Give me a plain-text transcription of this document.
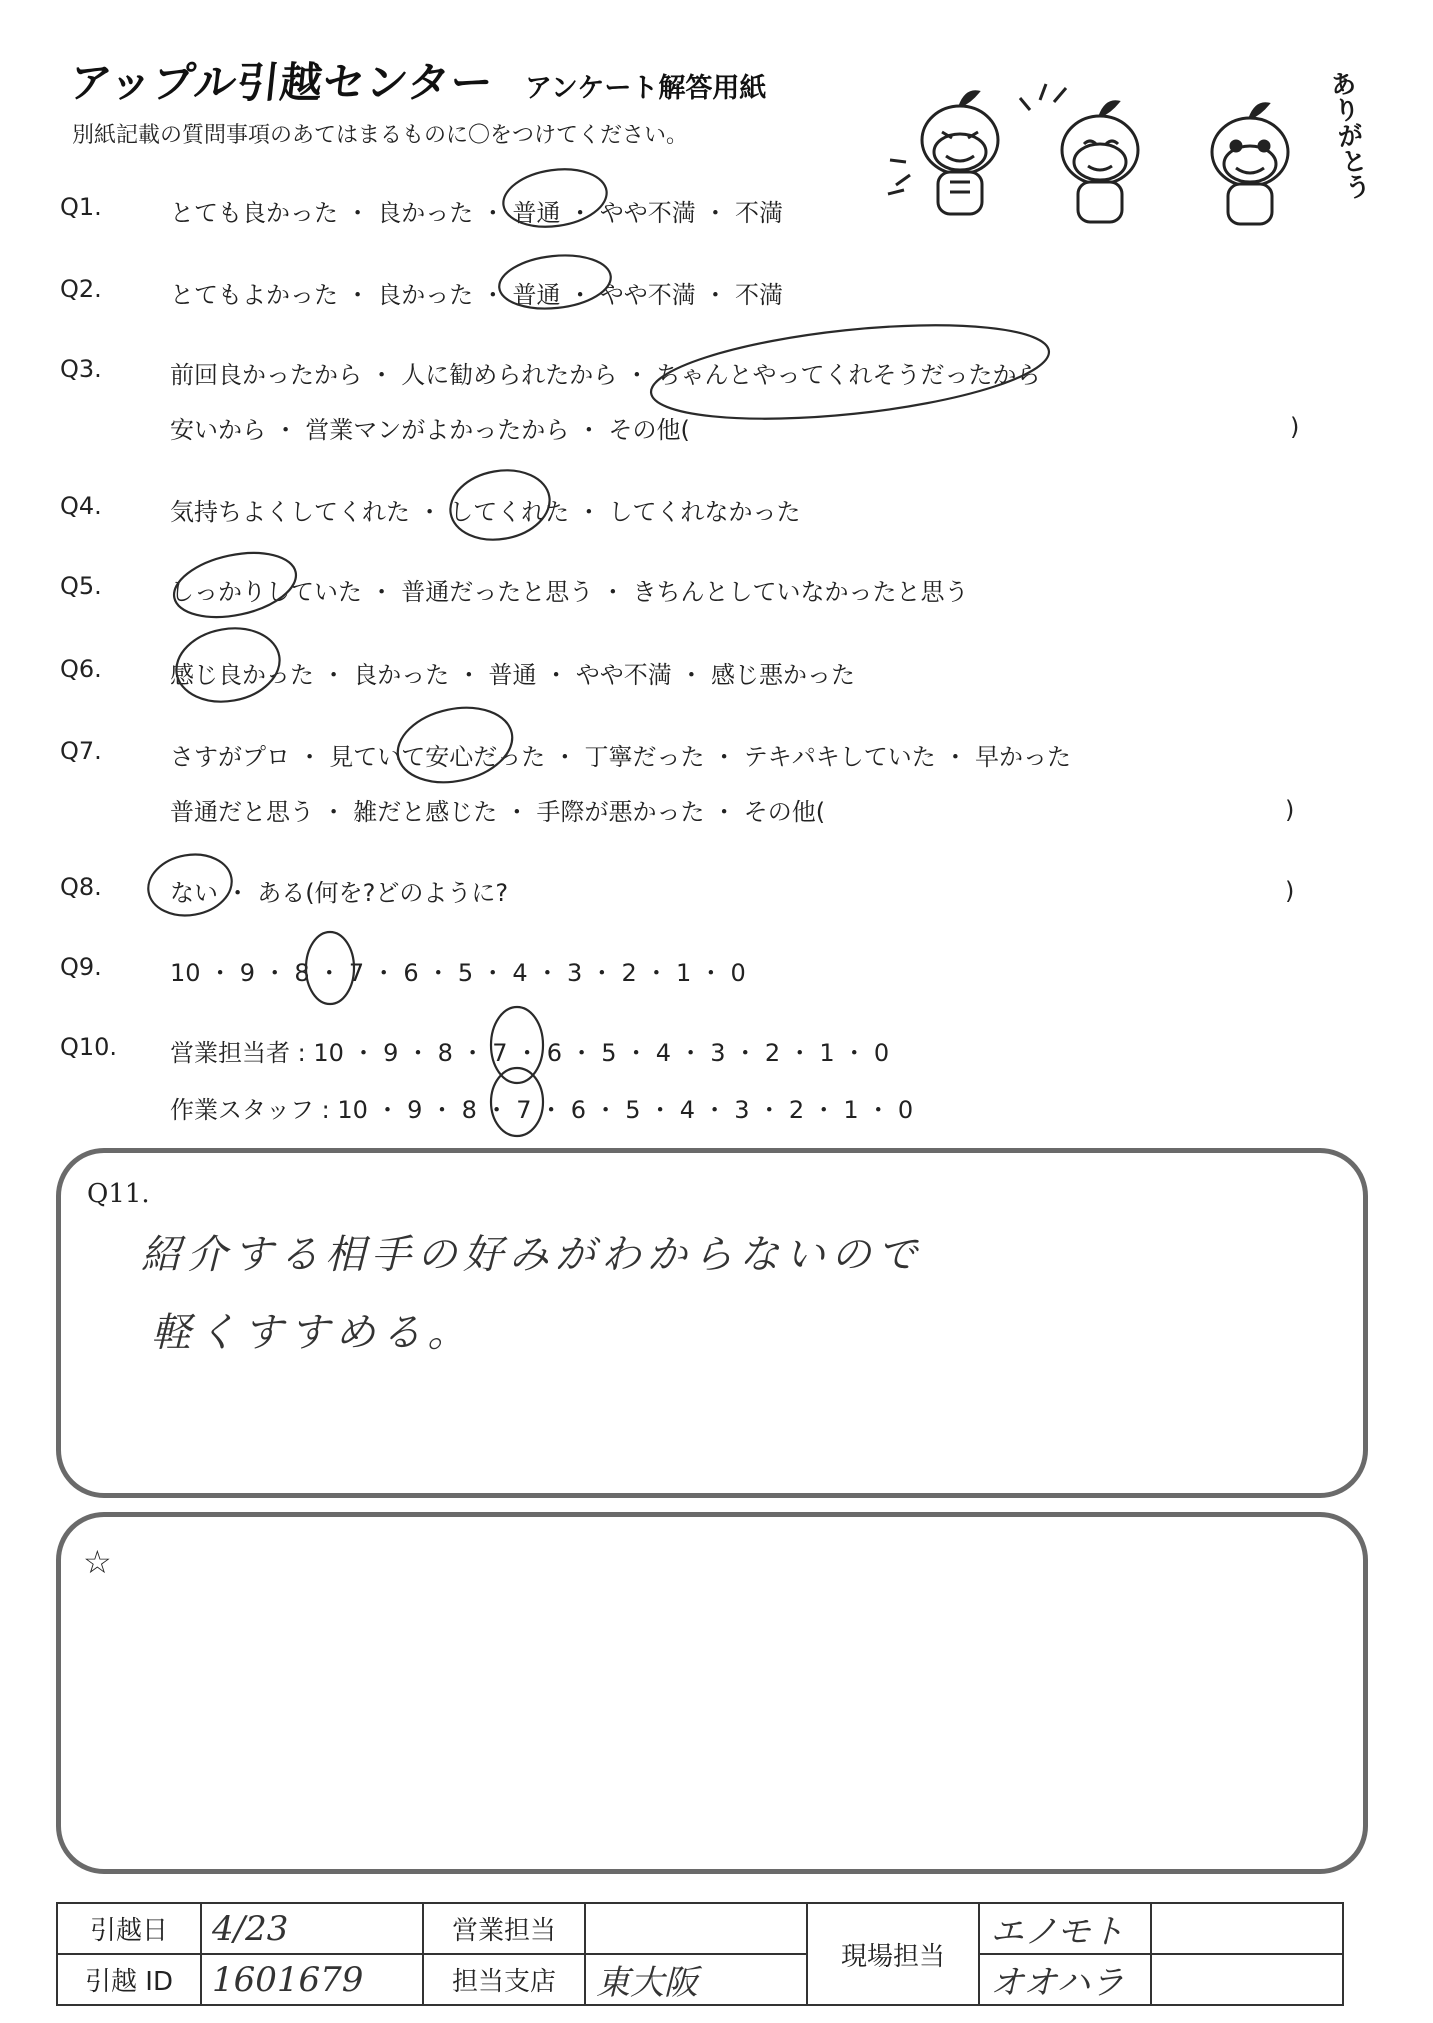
アップル引越センター アンケート解答用紙
別紙記載の質問事項のあてはまるものに〇をつけてください。	ありがとう
Q1.	とても良かった ・ 良かった ・ 普通 ・ やや不満 ・ 不満
Q2.	とてもよかった ・ 良かった ・ 普通 ・ やや不満 ・ 不満
Q3.	前回良かったから ・ 人に勧められたから ・ ちゃんとやってくれそうだったから
安いから ・ 営業マンがよかったから ・ その他(	)
Q4.	気持ちよくしてくれた ・ してくれた ・ してくれなかった
Q5.	しっかりしていた ・ 普通だったと思う ・ きちんとしていなかったと思う
Q6.	感じ良かった ・ 良かった ・ 普通 ・ やや不満 ・ 感じ悪かった
Q7.	さすがプロ ・ 見ていて安心だった ・ 丁寧だった ・ テキパキしていた ・ 早かった
普通だと思う ・ 雑だと感じた ・ 手際が悪かった ・ その他(	)
Q8.	ない ・ ある(何を?どのように?	)
Q9.	10 ・ 9 ・ 8 ・ 7 ・ 6 ・ 5 ・ 4 ・ 3 ・ 2 ・ 1 ・ 0
Q10. 営業担当者 : 10 ・ 9 ・ 8 ・ 7 ・ 6 ・ 5 ・ 4 ・ 3 ・ 2 ・ 1 ・ 0
作業スタッフ : 10 ・ 9 ・ 8 ・ 7 ・ 6 ・ 5 ・ 4 ・ 3 ・ 2 ・ 1 ・ 0
Q11.
紹介する相手の好みがわからないので
軽くすすめる。
☆
引越日	4/23	営業担当		現場担当	エノモト	
引越 ID	1601679	担当支店	東大阪		オオハラ	
